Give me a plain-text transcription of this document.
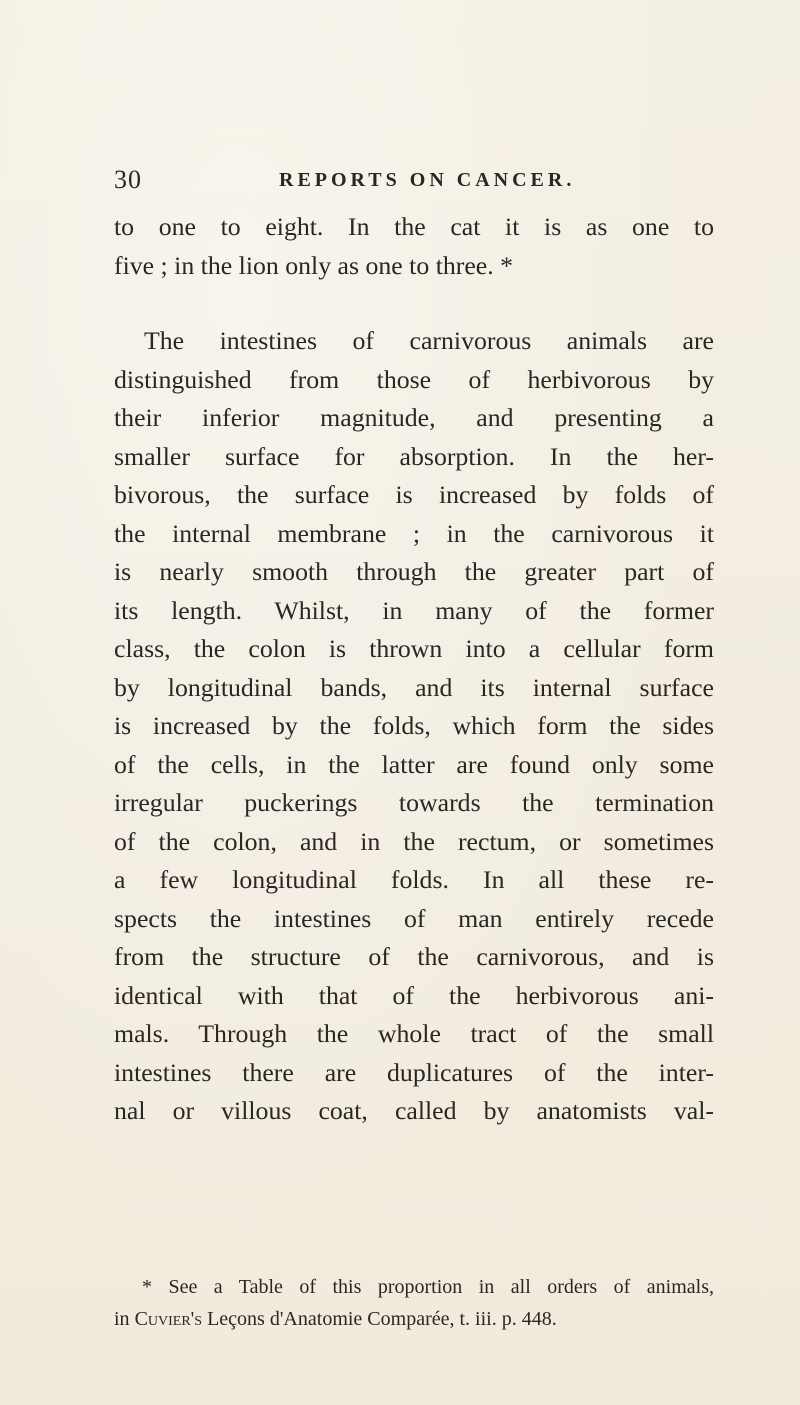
30	REPORTS ON CANCER.
to one to eight. In the cat it is as one to
five ; in the lion only as one to three. *
The intestines of carnivorous animals are
distinguished from those of herbivorous by
their inferior magnitude, and presenting a
smaller surface for absorption. In the her-
bivorous, the surface is increased by folds of
the internal membrane ; in the carnivorous it
is nearly smooth through the greater part of
its length. Whilst, in many of the former
class, the colon is thrown into a cellular form
by longitudinal bands, and its internal surface
is increased by the folds, which form the sides
of the cells, in the latter are found only some
irregular puckerings towards the termination
of the colon, and in the rectum, or sometimes
a few longitudinal folds. In all these re-
spects the intestines of man entirely recede
from the structure of the carnivorous, and is
identical with that of the herbivorous ani-
mals. Through the whole tract of the small
intestines there are duplicatures of the inter-
nal or villous coat, called by anatomists val-
* See a Table of this proportion in all orders of animals,
in Cuvier's Leçons d'Anatomie Comparée, t. iii. p. 448.
